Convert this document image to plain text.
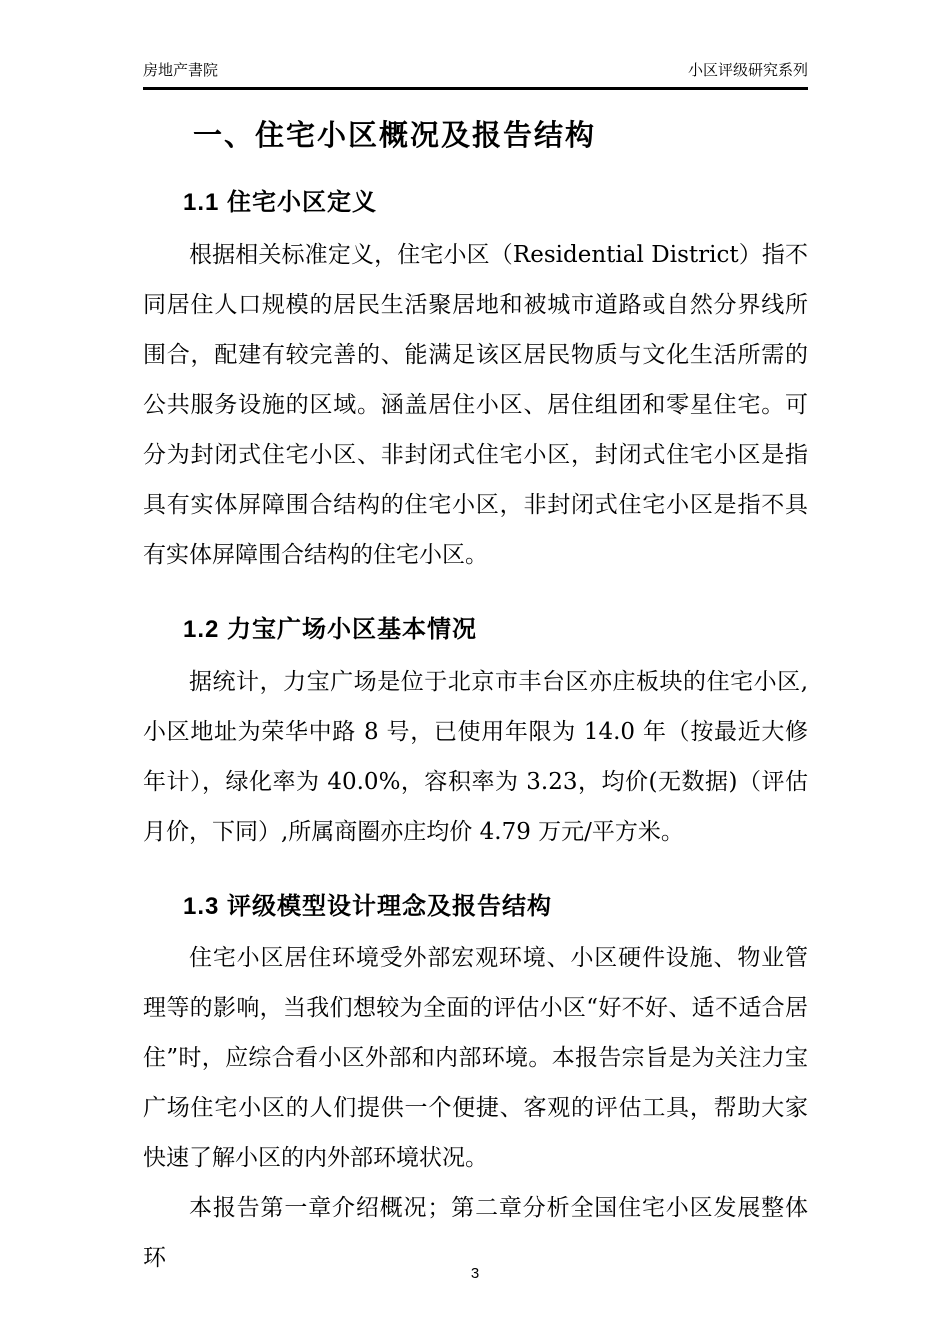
房地产書院	小区评级研究系列
一、住宅小区概况及报告结构
1.1 住宅小区定义

根据相关标准定义，住宅小区（Residential District）指不同居住人口规模的居民生活聚居地和被城市道路或自然分界线所围合，配建有较完善的、能满足该区居民物质与文化生活所需的公共服务设施的区域。涵盖居住小区、居住组团和零星住宅。可分为封闭式住宅小区、非封闭式住宅小区，封闭式住宅小区是指具有实体屏障围合结构的住宅小区，非封闭式住宅小区是指不具有实体屏障围合结构的住宅小区。

1.2 力宝广场小区基本情况

据统计，力宝广场是位于北京市丰台区亦庄板块的住宅小区,小区地址为荣华中路 8 号，已使用年限为 14.0 年（按最近大修年计），绿化率为 40.0%，容积率为 3.23，均价(无数据)（评估月价，下同）,所属商圈亦庄均价 4.79 万元/平方米。

1.3 评级模型设计理念及报告结构

住宅小区居住环境受外部宏观环境、小区硬件设施、物业管理等的影响，当我们想较为全面的评估小区“好不好、适不适合居住”时，应综合看小区外部和内部环境。本报告宗旨是为关注力宝广场住宅小区的人们提供一个便捷、客观的评估工具，帮助大家快速了解小区的内外部环境状况。

本报告第一章介绍概况；第二章分析全国住宅小区发展整体环

3
